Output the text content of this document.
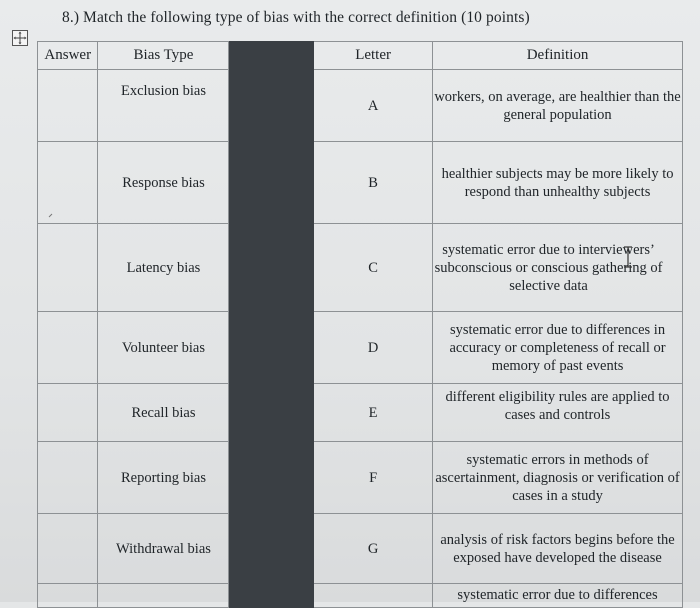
8.) Match the following type of bias with the correct definition (10 points)
Answer	Bias Type		Letter	Definition
	Exclusion bias		A	workers, on average, are healthier than the general population
	Response bias		B	healthier subjects may be more likely to respond than unhealthy subjects
	Latency bias		C	systematic error due to interviewers’ subconscious or conscious gathering of selective data
	Volunteer bias		D	systematic error due to differences in accuracy or completeness of recall or memory of past events
	Recall bias		E	different eligibility rules are applied to cases and controls
	Reporting bias		F	systematic errors in methods of ascertainment, diagnosis or verification of cases in a study
	Withdrawal bias		G	analysis of risk factors begins before the exposed have developed the disease
				systematic error due to differences
